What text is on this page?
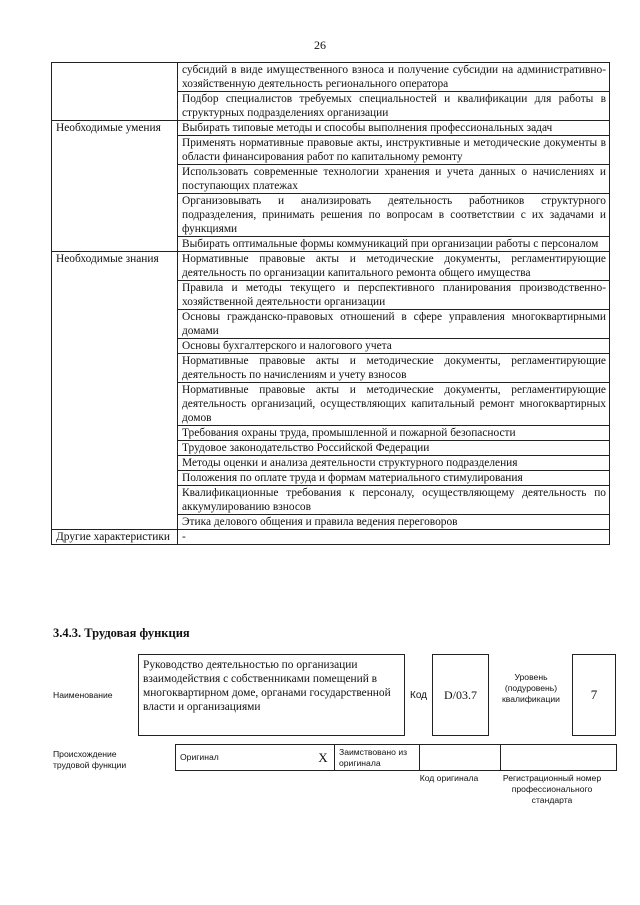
26
	субсидий в виде имущественного взноса и получение субсидии на административно-хозяйственную деятельность регионального оператора
	Подбор специалистов требуемых специальностей и квалификации для работы в структурных подразделениях организации
Необходимые умения	Выбирать типовые методы и способы выполнения профессиональных задач
	Применять нормативные правовые акты, инструктивные и методические документы в области финансирования работ по капитальному ремонту
	Использовать современные технологии хранения и учета данных о начислениях и поступающих платежах
	Организовывать и анализировать деятельность работников структурного подразделения, принимать решения по вопросам в соответствии с их задачами и функциями
	Выбирать оптимальные формы коммуникаций при организации работы с персоналом
Необходимые знания	Нормативные правовые акты и методические документы, регламентирующие деятельность по организации капитального ремонта общего имущества
	Правила и методы текущего и перспективного планирования производственно-хозяйственной деятельности организации
	Основы гражданско-правовых отношений в сфере управления многоквартирными домами
	Основы бухгалтерского и налогового учета
	Нормативные правовые акты и методические документы, регламентирующие деятельность по начислениям и учету взносов
	Нормативные правовые акты и методические документы, регламентирующие деятельность организаций, осуществляющих капитальный ремонт многоквартирных домов
	Требования охраны труда, промышленной и пожарной безопасности
	Трудовое законодательство Российской Федерации
	Методы оценки и анализа деятельности структурного подразделения
	Положения по оплате труда и формам материального стимулирования
	Квалификационные требования к персоналу, осуществляющему деятельность по аккумулированию взносов
	Этика делового общения и правила ведения переговоров
Другие характеристики	-
3.4.3. Трудовая функция
Наименование
Руководство деятельностью по организации взаимодействия с собственниками помещений в многоквартирном доме, органами государственной власти и организациями
Код D/03.7
Уровень (подуровень) квалификации	7
Происхождение трудовой функции
Оригинал	X	Заимствовано из оригинала		
Код оригинала	Регистрационный номер профессионального стандарта
